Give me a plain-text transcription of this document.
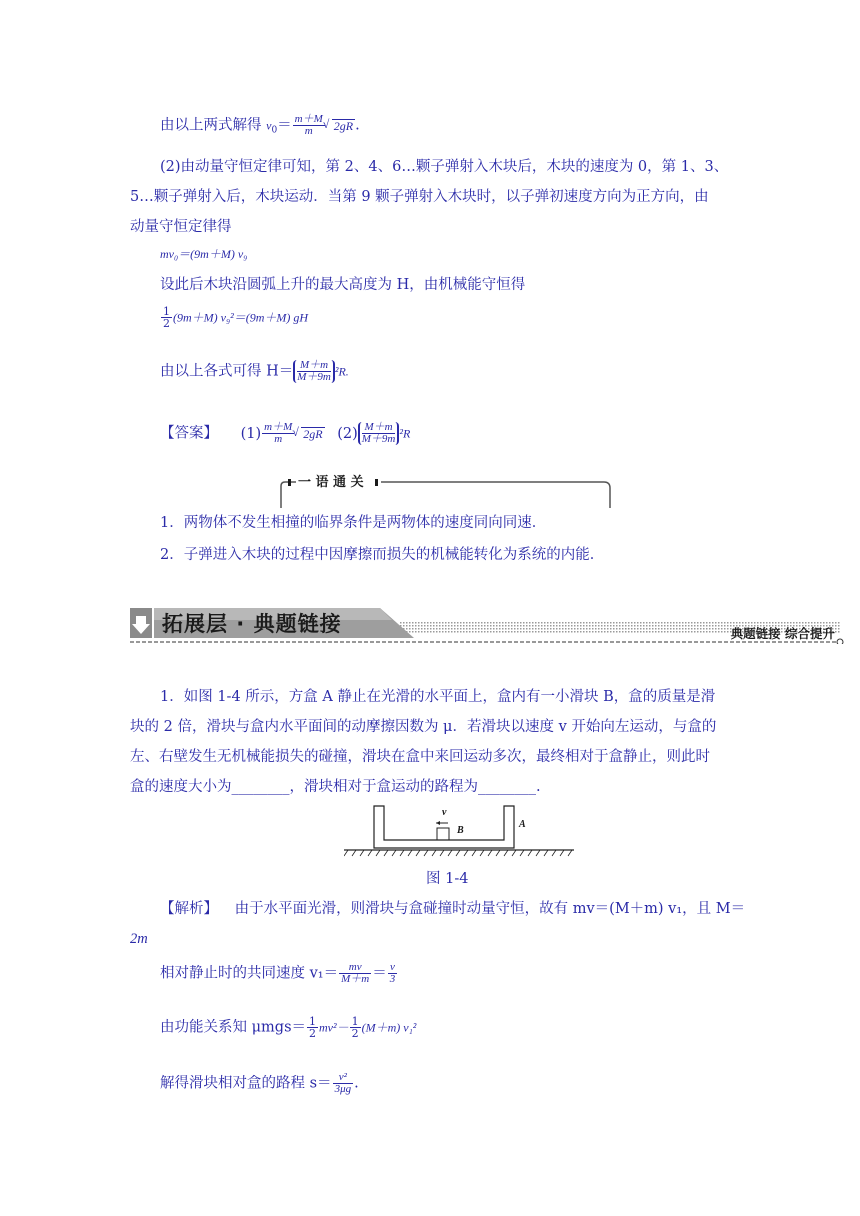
由以上两式解得 $v_0= \frac{m+M}{m}$ √ 2gR .
(2)由动量守恒定律可知，第 2、4、6…颗子弹射入木块后，木块的速度为 0，第 1、3、
5…颗子弹射入后，木块运动．当第 9 颗子弹射入木块时，以子弹初速度方向为正方向，由
动量守恒定律得
mv₀＝(9m＋M) v₉
设此后木块沿圆弧上升的最大高度为 H，由机械能守恒得
$\frac{1}{2} (9m+M)$ v₉²＝(9m＋M) gH
由以上各式可得 $H= \frac{M+m}{M+9m}^2R$.
【答案】 $(1) \frac{m+M}{m}$ √ 2gR $(2) \frac{M+m}{M+9m}^2R$
一 语 通 关
1．两物体不发生相撞的临界条件是两物体的速度同向同速．
2．子弹进入木块的过程中因摩擦而损失的机械能转化为系统的内能．
拓展层 · 典题链接	典题链接 综合提升
1．如图 1-4 所示，方盒 A 静止在光滑的水平面上，盒内有一小滑块 B，盒的质量是滑
块的 2 倍，滑块与盒内水平面间的动摩擦因数为 μ．若滑块以速度 v 开始向左运动，与盒的
左、右壁发生无机械能损失的碰撞，滑块在盒中来回运动多次，最终相对于盒静止，则此时
盒的速度大小为________，滑块相对于盒运动的路程为________.
v
B
A
图 1-4
【解析】 由于水平面光滑，则滑块与盒碰撞时动量守恒，故有 mv＝(M＋m) v₁，且 M＝
2m
相对静止时的共同速度 $v_1= \frac{mv}{M+m} = \frac{v}{3}$
由功能关系知 $\mu mgs= \frac{1}{2} mv^2- \frac{1}{2} (M+m)$ v₁²
解得滑块相对盒的路程 $s= \frac{\text{v²}}{3\mu g}$ .
